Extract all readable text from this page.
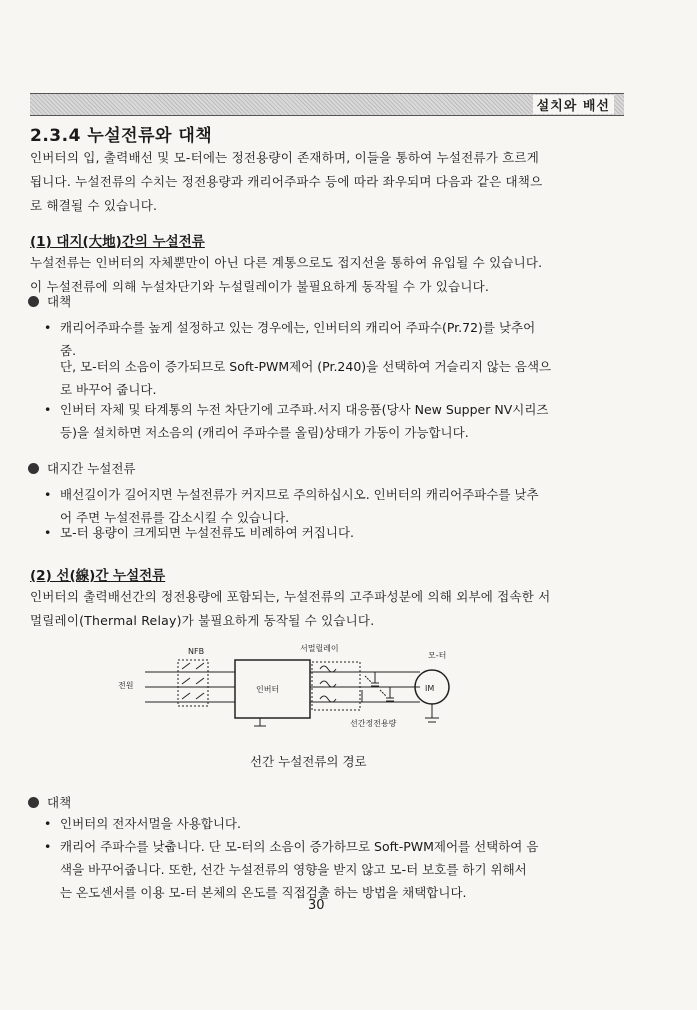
설치와 배선
2.3.4 누설전류와 대책
인버터의 입, 출력배선 및 모-터에는 정전용량이 존재하며, 이들을 통하여 누설전류가 흐르게
됩니다. 누설전류의 수치는 정전용량과 캐리어주파수 등에 따라 좌우되며 다음과 같은 대책으
로 해결될 수 있습니다.
(1) 대지(大地)간의 누설전류
누설전류는 인버터의 자체뿐만이 아닌 다른 계통으로도 접지선을 통하여 유입될 수 있습니다.
이 누설전류에 의해 누설차단기와 누설릴레이가 불필요하게 동작될 수 가 있습니다.
대책
• 캐리어주파수를 높게 설정하고 있는 경우에는, 인버터의 캐리어 주파수(Pr.72)를 낮추어
줌.
단, 모-터의 소음이 증가되므로 Soft-PWM제어 (Pr.240)을 선택하여 거슬리지 않는 음색으
로 바꾸어 줍니다.
• 인버터 자체 및 타계통의 누전 차단기에 고주파.서지 대응품(당사 New Supper NV시리즈
등)을 설치하면 저소음의 (캐리어 주파수를 올림)상태가 가동이 가능합니다.
대지간 누설전류
• 배선길이가 길어지면 누설전류가 커지므로 주의하십시오. 인버터의 캐리어주파수를 낮추
어 주면 누설전류를 감소시킬 수 있습니다.
• 모-터 용량이 크게되면 누설전류도 비례하여 커집니다.
(2) 선(線)간 누설전류
인버터의 출력배선간의 정전용량에 포함되는, 누설전류의 고주파성분에 의해 외부에 접속한 서
멀릴레이(Thermal Relay)가 불필요하게 동작될 수 있습니다.
NFB	서멀릴레이
모-터
전원	인버터
선간정전용량
IM
선간 누설전류의 경로
대책
• 인버터의 전자서멀을 사용합니다.
• 캐리어 주파수를 낮춥니다. 단 모-터의 소음이 증가하므로 Soft-PWM제어를 선택하여 음
색을 바꾸어줍니다. 또한, 선간 누설전류의 영향을 받지 않고 모-터 보호를 하기 위해서
는 온도센서를 이용 모-터 본체의 온도를 직접검출 하는 방법을 채택합니다.
30
